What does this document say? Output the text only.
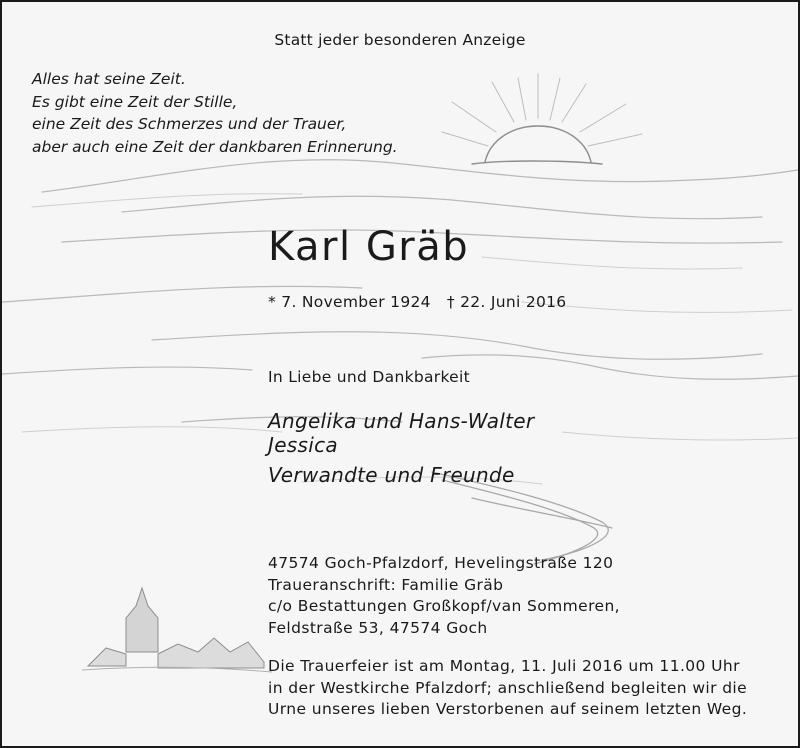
Statt jeder besonderen Anzeige
Alles hat seine Zeit.
Es gibt eine Zeit der Stille,
eine Zeit des Schmerzes und der Trauer,
aber auch eine Zeit der dankbaren Erinnerung.
Karl Gräb
* 7. November 1924 † 22. Juni 2016
In Liebe und Dankbarkeit
Angelika und Hans-Walter
Jessica
Verwandte und Freunde
47574 Goch-Pfalzdorf, Hevelingstraße 120
Traueranschrift: Familie Gräb
c/o Bestattungen Großkopf/van Sommeren,
Feldstraße 53, 47574 Goch
Die Trauerfeier ist am Montag, 11. Juli 2016 um 11.00 Uhr
in der Westkirche Pfalzdorf; anschließend begleiten wir die
Urne unseres lieben Verstorbenen auf seinem letzten Weg.
